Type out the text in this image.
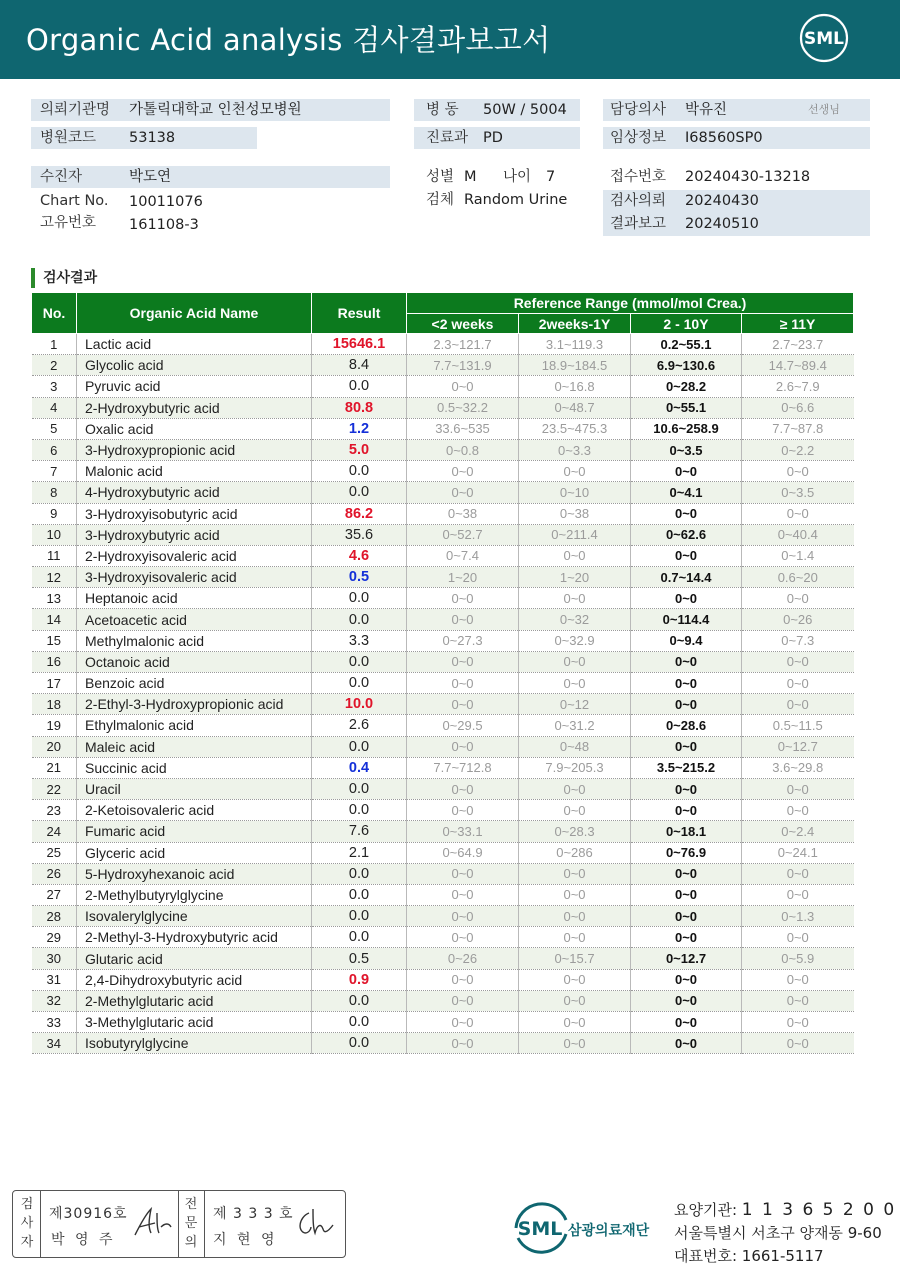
Organic Acid analysis 검사결과보고서	SML
의뢰기관명 가톨릭대학교 인천성모병원
병원코드 53138
수진자	박도연
Chart No. 10011076
고유번호 161108-3
병 동 50W / 5004
진료과 PD
성별 M 나이 7
검체 Random Urine
담당의사 박유진	선생님
임상정보 I68560SP0
접수번호 20240430-13218
검사의뢰 20240430
결과보고 20240510
검사결과
No.	Organic Acid Name	Result	Reference Range (mmol/mol Crea.)			
			<2 weeks	2weeks-1Y	2 - 10Y	≥ 11Y
1	Lactic acid	15646.1	2.3~121.7	3.1~119.3	0.2~55.1	2.7~23.7
2	Glycolic acid	8.4	7.7~131.9	18.9~184.5	6.9~130.6	14.7~89.4
3	Pyruvic acid	0.0	0~0	0~16.8	0~28.2	2.6~7.9
4	2-Hydroxybutyric acid	80.8	0.5~32.2	0~48.7	0~55.1	0~6.6
5	Oxalic acid	1.2	33.6~535	23.5~475.3	10.6~258.9	7.7~87.8
6	3-Hydroxypropionic acid	5.0	0~0.8	0~3.3	0~3.5	0~2.2
7	Malonic acid	0.0	0~0	0~0	0~0	0~0
8	4-Hydroxybutyric acid	0.0	0~0	0~10	0~4.1	0~3.5
9	3-Hydroxyisobutyric acid	86.2	0~38	0~38	0~0	0~0
10	3-Hydroxybutyric acid	35.6	0~52.7	0~211.4	0~62.6	0~40.4
11	2-Hydroxyisovaleric acid	4.6	0~7.4	0~0	0~0	0~1.4
12	3-Hydroxyisovaleric acid	0.5	1~20	1~20	0.7~14.4	0.6~20
13	Heptanoic acid	0.0	0~0	0~0	0~0	0~0
14	Acetoacetic acid	0.0	0~0	0~32	0~114.4	0~26
15	Methylmalonic acid	3.3	0~27.3	0~32.9	0~9.4	0~7.3
16	Octanoic acid	0.0	0~0	0~0	0~0	0~0
17	Benzoic acid	0.0	0~0	0~0	0~0	0~0
18	2-Ethyl-3-Hydroxypropionic acid	10.0	0~0	0~12	0~0	0~0
19	Ethylmalonic acid	2.6	0~29.5	0~31.2	0~28.6	0.5~11.5
20	Maleic acid	0.0	0~0	0~48	0~0	0~12.7
21	Succinic acid	0.4	7.7~712.8	7.9~205.3	3.5~215.2	3.6~29.8
22	Uracil	0.0	0~0	0~0	0~0	0~0
23	2-Ketoisovaleric acid	0.0	0~0	0~0	0~0	0~0
24	Fumaric acid	7.6	0~33.1	0~28.3	0~18.1	0~2.4
25	Glyceric acid	2.1	0~64.9	0~286	0~76.9	0~24.1
26	5-Hydroxyhexanoic acid	0.0	0~0	0~0	0~0	0~0
27	2-Methylbutyrylglycine	0.0	0~0	0~0	0~0	0~0
28	Isovalerylglycine	0.0	0~0	0~0	0~0	0~1.3
29	2-Methyl-3-Hydroxybutyric acid	0.0	0~0	0~0	0~0	0~0
30	Glutaric acid	0.5	0~26	0~15.7	0~12.7	0~5.9
31	2,4-Dihydroxybutyric acid	0.9	0~0	0~0	0~0	0~0
32	2-Methylglutaric acid	0.0	0~0	0~0	0~0	0~0
33	3-Methylglutaric acid	0.0	0~0	0~0	0~0	0~0
34	Isobutyrylglycine	0.0	0~0	0~0	0~0	0~0
검
사
자
제30916호
박 영 주
전
문
의
제 3 3 3 호
지 현 영	SML 삼광의료재단
요양기관: 1 1 3 6 5 2 0 0
서울특별시 서초구 양재동 9-60
대표번호: 1661-5117
